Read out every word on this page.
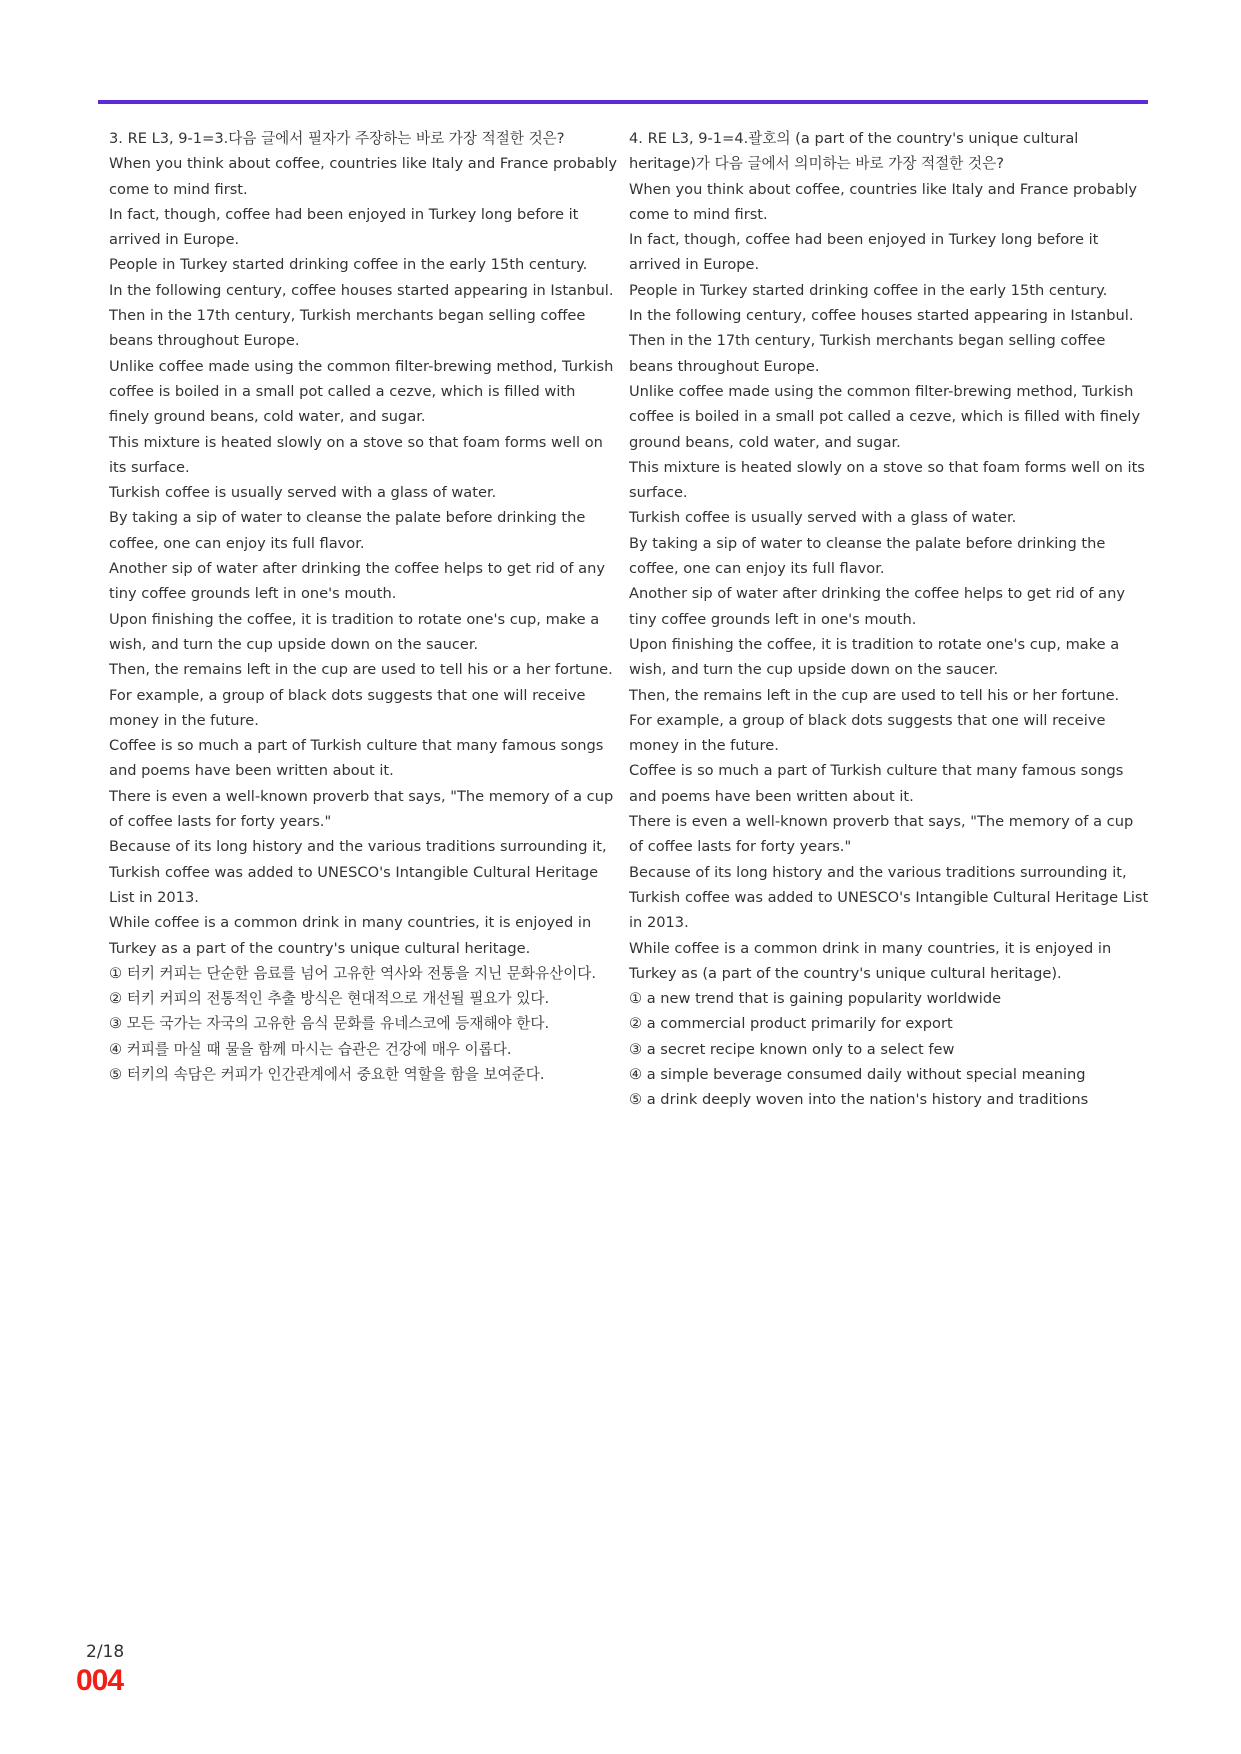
3. RE L3, 9-1=3.다음 글에서 필자가 주장하는 바로 가장 적절한 것은?
When you think about coffee, countries like Italy and France probably come to mind first.
In fact, though, coffee had been enjoyed in Turkey long before it arrived in Europe.
People in Turkey started drinking coffee in the early 15th century.
In the following century, coffee houses started appearing in Istanbul.
Then in the 17th century, Turkish merchants began selling coffee beans throughout Europe.
Unlike coffee made using the common filter-brewing method, Turkish coffee is boiled in a small pot called a cezve, which is filled with finely ground beans, cold water, and sugar.
This mixture is heated slowly on a stove so that foam forms well on its surface.
Turkish coffee is usually served with a glass of water.
By taking a sip of water to cleanse the palate before drinking the coffee, one can enjoy its full flavor.
Another sip of water after drinking the coffee helps to get rid of any tiny coffee grounds left in one's mouth.
Upon finishing the coffee, it is tradition to rotate one's cup, make a wish, and turn the cup upside down on the saucer.
Then, the remains left in the cup are used to tell his or a her fortune.
For example, a group of black dots suggests that one will receive money in the future.
Coffee is so much a part of Turkish culture that many famous songs and poems have been written about it.
There is even a well-known proverb that says, "The memory of a cup of coffee lasts for forty years."
Because of its long history and the various traditions surrounding it, Turkish coffee was added to UNESCO's Intangible Cultural Heritage List in 2013.
While coffee is a common drink in many countries, it is enjoyed in Turkey as a part of the country's unique cultural heritage.
① 터키 커피는 단순한 음료를 넘어 고유한 역사와 전통을 지닌 문화유산이다.
② 터키 커피의 전통적인 추출 방식은 현대적으로 개선될 필요가 있다.
③ 모든 국가는 자국의 고유한 음식 문화를 유네스코에 등재해야 한다.
④ 커피를 마실 때 물을 함께 마시는 습관은 건강에 매우 이롭다.
⑤ 터키의 속담은 커피가 인간관계에서 중요한 역할을 함을 보여준다.
4. RE L3, 9-1=4.괄호의 (a part of the country's unique cultural heritage)가 다음 글에서 의미하는 바로 가장 적절한 것은?
When you think about coffee, countries like Italy and France probably come to mind first.
In fact, though, coffee had been enjoyed in Turkey long before it arrived in Europe.
People in Turkey started drinking coffee in the early 15th century.
In the following century, coffee houses started appearing in Istanbul.
Then in the 17th century, Turkish merchants began selling coffee beans throughout Europe.
Unlike coffee made using the common filter-brewing method, Turkish coffee is boiled in a small pot called a cezve, which is filled with finely ground beans, cold water, and sugar.
This mixture is heated slowly on a stove so that foam forms well on its surface.
Turkish coffee is usually served with a glass of water.
By taking a sip of water to cleanse the palate before drinking the coffee, one can enjoy its full flavor.
Another sip of water after drinking the coffee helps to get rid of any tiny coffee grounds left in one's mouth.
Upon finishing the coffee, it is tradition to rotate one's cup, make a wish, and turn the cup upside down on the saucer.
Then, the remains left in the cup are used to tell his or her fortune.
For example, a group of black dots suggests that one will receive money in the future.
Coffee is so much a part of Turkish culture that many famous songs and poems have been written about it.
There is even a well-known proverb that says, "The memory of a cup of coffee lasts for forty years."
Because of its long history and the various traditions surrounding it, Turkish coffee was added to UNESCO's Intangible Cultural Heritage List in 2013.
While coffee is a common drink in many countries, it is enjoyed in Turkey as (a part of the country's unique cultural heritage).
① a new trend that is gaining popularity worldwide
② a commercial product primarily for export
③ a secret recipe known only to a select few
④ a simple beverage consumed daily without special meaning
⑤ a drink deeply woven into the nation's history and traditions
2/18
004
